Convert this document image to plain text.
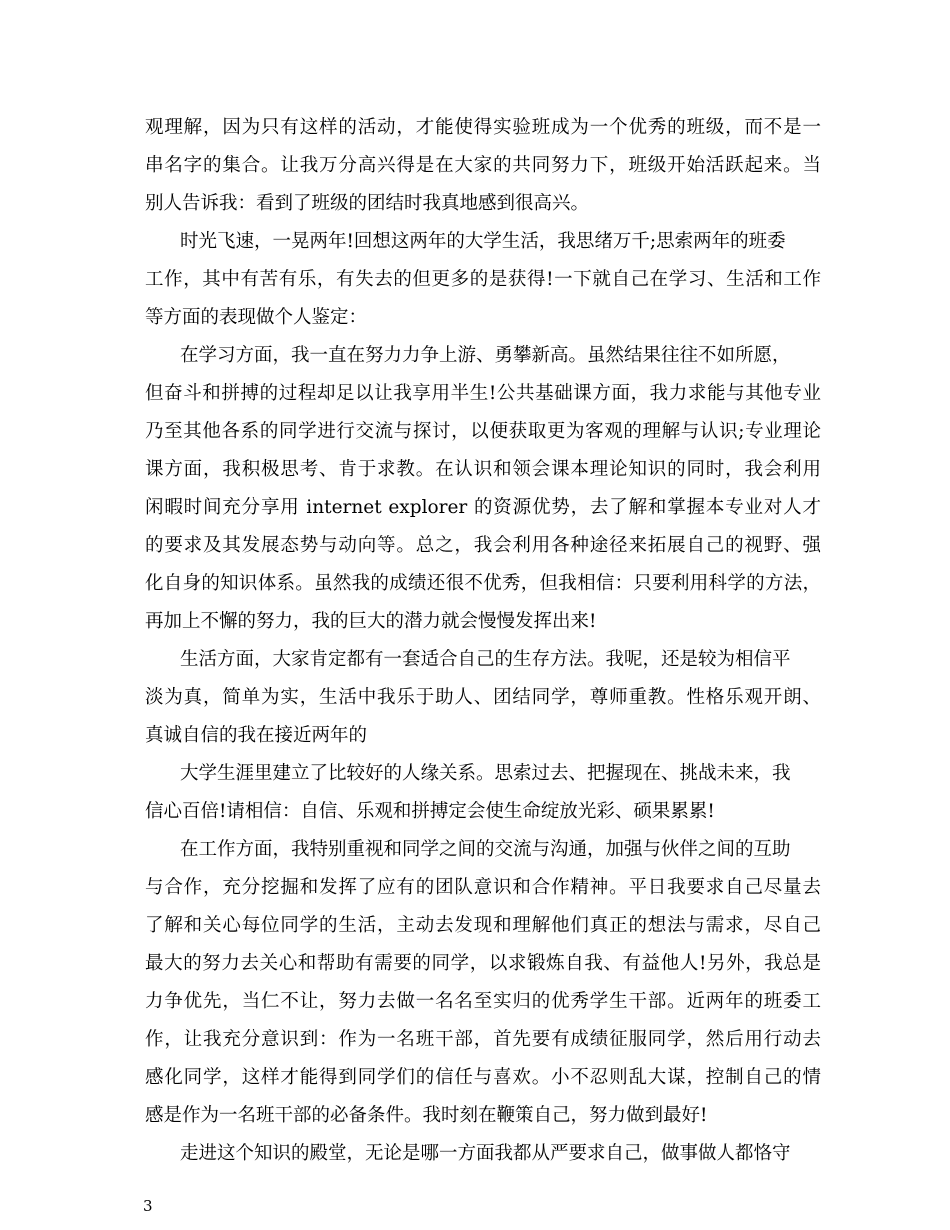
观理解，因为只有这样的活动，才能使得实验班成为一个优秀的班级，而不是一
串名字的集合。让我万分高兴得是在大家的共同努力下，班级开始活跃起来。当
别人告诉我：看到了班级的团结时我真地感到很高兴。
时光飞速，一晃两年!回想这两年的大学生活，我思绪万千;思索两年的班委
工作，其中有苦有乐，有失去的但更多的是获得!一下就自己在学习、生活和工作
等方面的表现做个人鉴定：
在学习方面，我一直在努力力争上游、勇攀新高。虽然结果往往不如所愿，
但奋斗和拼搏的过程却足以让我享用半生!公共基础课方面，我力求能与其他专业
乃至其他各系的同学进行交流与探讨，以便获取更为客观的理解与认识;专业理论
课方面，我积极思考、肯于求教。在认识和领会课本理论知识的同时，我会利用
闲暇时间充分享用 internet explorer 的资源优势，去了解和掌握本专业对人才
的要求及其发展态势与动向等。总之，我会利用各种途径来拓展自己的视野、强
化自身的知识体系。虽然我的成绩还很不优秀，但我相信：只要利用科学的方法，
再加上不懈的努力，我的巨大的潜力就会慢慢发挥出来!
生活方面，大家肯定都有一套适合自己的生存方法。我呢，还是较为相信平
淡为真，简单为实，生活中我乐于助人、团结同学，尊师重教。性格乐观开朗、
真诚自信的我在接近两年的
大学生涯里建立了比较好的人缘关系。思索过去、把握现在、挑战未来，我
信心百倍!请相信：自信、乐观和拼搏定会使生命绽放光彩、硕果累累!
在工作方面，我特别重视和同学之间的交流与沟通，加强与伙伴之间的互助
与合作，充分挖掘和发挥了应有的团队意识和合作精神。平日我要求自己尽量去
了解和关心每位同学的生活，主动去发现和理解他们真正的想法与需求，尽自己
最大的努力去关心和帮助有需要的同学，以求锻炼自我、有益他人!另外，我总是
力争优先，当仁不让，努力去做一名名至实归的优秀学生干部。近两年的班委工
作，让我充分意识到：作为一名班干部，首先要有成绩征服同学，然后用行动去
感化同学，这样才能得到同学们的信任与喜欢。小不忍则乱大谋，控制自己的情
感是作为一名班干部的必备条件。我时刻在鞭策自己，努力做到最好!
走进这个知识的殿堂，无论是哪一方面我都从严要求自己，做事做人都恪守
3
